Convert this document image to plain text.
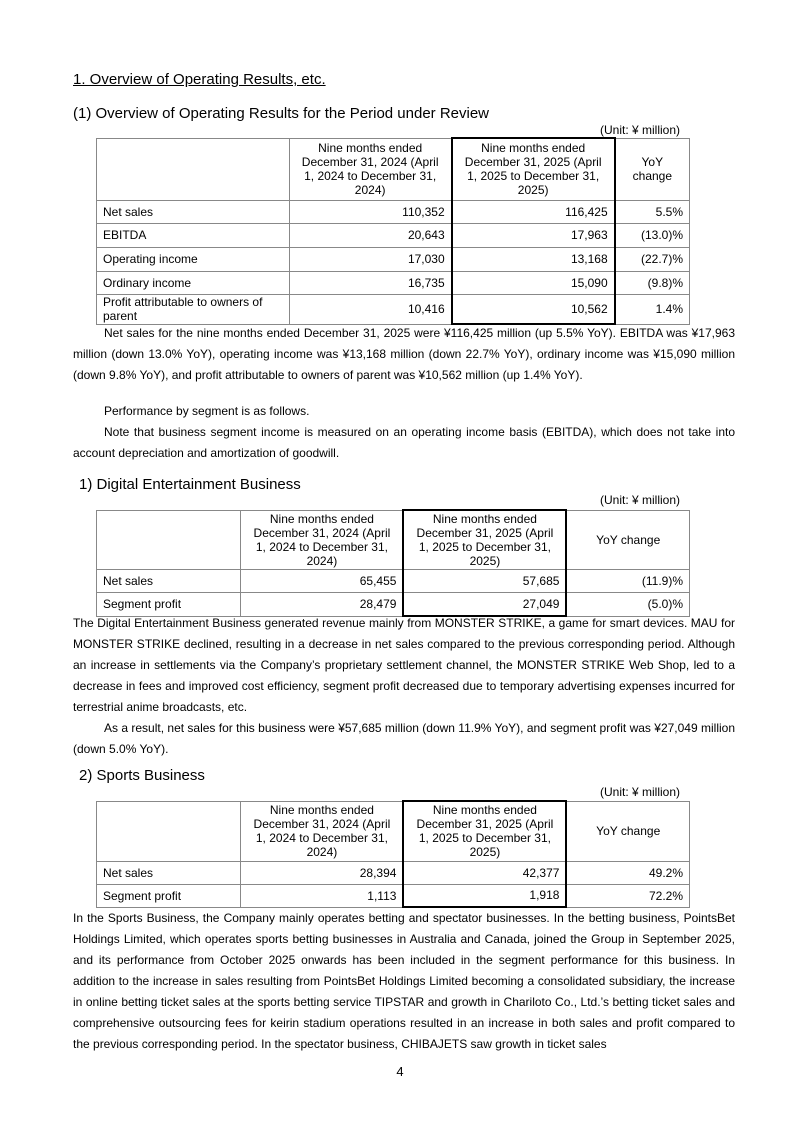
1. Overview of Operating Results, etc.
(1) Overview of Operating Results for the Period under Review
(Unit: ¥ million)
	Nine months ended December 31, 2024 (April 1, 2024 to December 31, 2024)	Nine months ended December 31, 2025 (April 1, 2025 to December 31, 2025)	YoY change
Net sales	110,352	116,425	5.5%
EBITDA	20,643	17,963	(13.0)%
Operating income	17,030	13,168	(22.7)%
Ordinary income	16,735	15,090	(9.8)%
Profit attributable to owners of parent	10,416	10,562	1.4%

Net sales for the nine months ended December 31, 2025 were ¥116,425 million (up 5.5% YoY). EBITDA was ¥17,963 million (down 13.0% YoY), operating income was ¥13,168 million (down 22.7% YoY), ordinary income was ¥15,090 million (down 9.8% YoY), and profit attributable to owners of parent was ¥10,562 million (up 1.4% YoY).

Performance by segment is as follows.

Note that business segment income is measured on an operating income basis (EBITDA), which does not take into account depreciation and amortization of goodwill.

1) Digital Entertainment Business
(Unit: ¥ million)
	Nine months ended December 31, 2024 (April 1, 2024 to December 31, 2024)	Nine months ended December 31, 2025 (April 1, 2025 to December 31, 2025)	YoY change
Net sales	65,455	57,685	(11.9)%
Segment profit	28,479	27,049	(5.0)%

The Digital Entertainment Business generated revenue mainly from MONSTER STRIKE, a game for smart devices. MAU for MONSTER STRIKE declined, resulting in a decrease in net sales compared to the previous corresponding period. Although an increase in settlements via the Company’s proprietary settlement channel, the MONSTER STRIKE Web Shop, led to a decrease in fees and improved cost efficiency, segment profit decreased due to temporary advertising expenses incurred for terrestrial anime broadcasts, etc.

As a result, net sales for this business were ¥57,685 million (down 11.9% YoY), and segment profit was ¥27,049 million (down 5.0% YoY).

2) Sports Business
(Unit: ¥ million)
	Nine months ended December 31, 2024 (April 1, 2024 to December 31, 2024)	Nine months ended December 31, 2025 (April 1, 2025 to December 31, 2025)	YoY change
Net sales	28,394	42,377	49.2%
Segment profit	1,113	1,918	72.2%

In the Sports Business, the Company mainly operates betting and spectator businesses. In the betting business, PointsBet Holdings Limited, which operates sports betting businesses in Australia and Canada, joined the Group in September 2025, and its performance from October 2025 onwards has been included in the segment performance for this business. In addition to the increase in sales resulting from PointsBet Holdings Limited becoming a consolidated subsidiary, the increase in online betting ticket sales at the sports betting service TIPSTAR and growth in Chariloto Co., Ltd.’s betting ticket sales and comprehensive outsourcing fees for keirin stadium operations resulted in an increase in both sales and profit compared to the previous corresponding period. In the spectator business, CHIBAJETS saw growth in ticket sales

4
